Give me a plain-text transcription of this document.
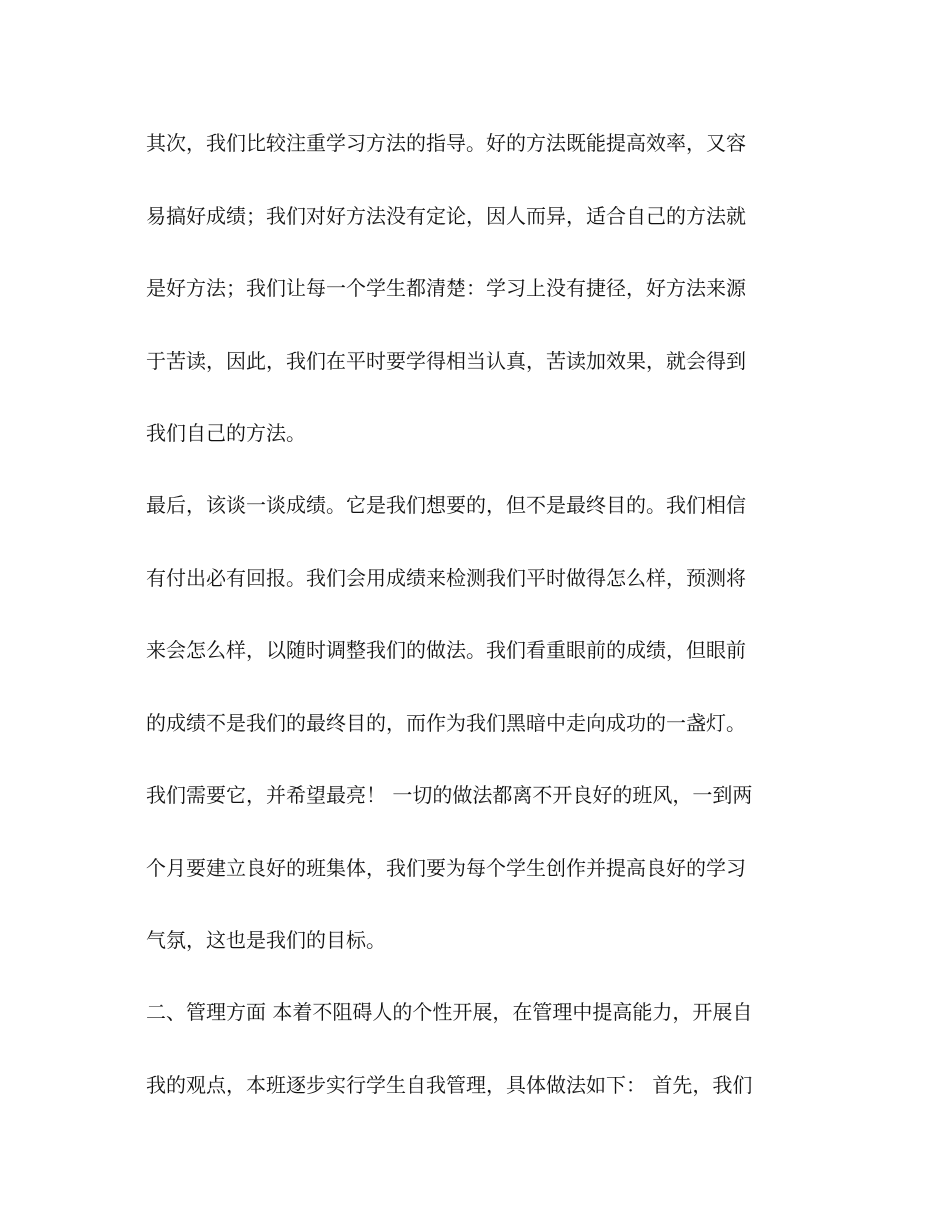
其次，我们比较注重学习方法的指导。好的方法既能提高效率，又容
易搞好成绩；我们对好方法没有定论，因人而异，适合自己的方法就
是好方法；我们让每一个学生都清楚：学习上没有捷径，好方法来源
于苦读，因此，我们在平时要学得相当认真，苦读加效果，就会得到
我们自己的方法。
最后，该谈一谈成绩。它是我们想要的，但不是最终目的。我们相信
有付出必有回报。我们会用成绩来检测我们平时做得怎么样，预测将
来会怎么样，以随时调整我们的做法。我们看重眼前的成绩，但眼前
的成绩不是我们的最终目的，而作为我们黑暗中走向成功的一盏灯。
我们需要它，并希望最亮！ 一切的做法都离不开良好的班风，一到两
个月要建立良好的班集体，我们要为每个学生创作并提高良好的学习
气氛，这也是我们的目标。
二、管理方面 本着不阻碍人的个性开展，在管理中提高能力，开展自
我的观点，本班逐步实行学生自我管理，具体做法如下： 首先，我们
